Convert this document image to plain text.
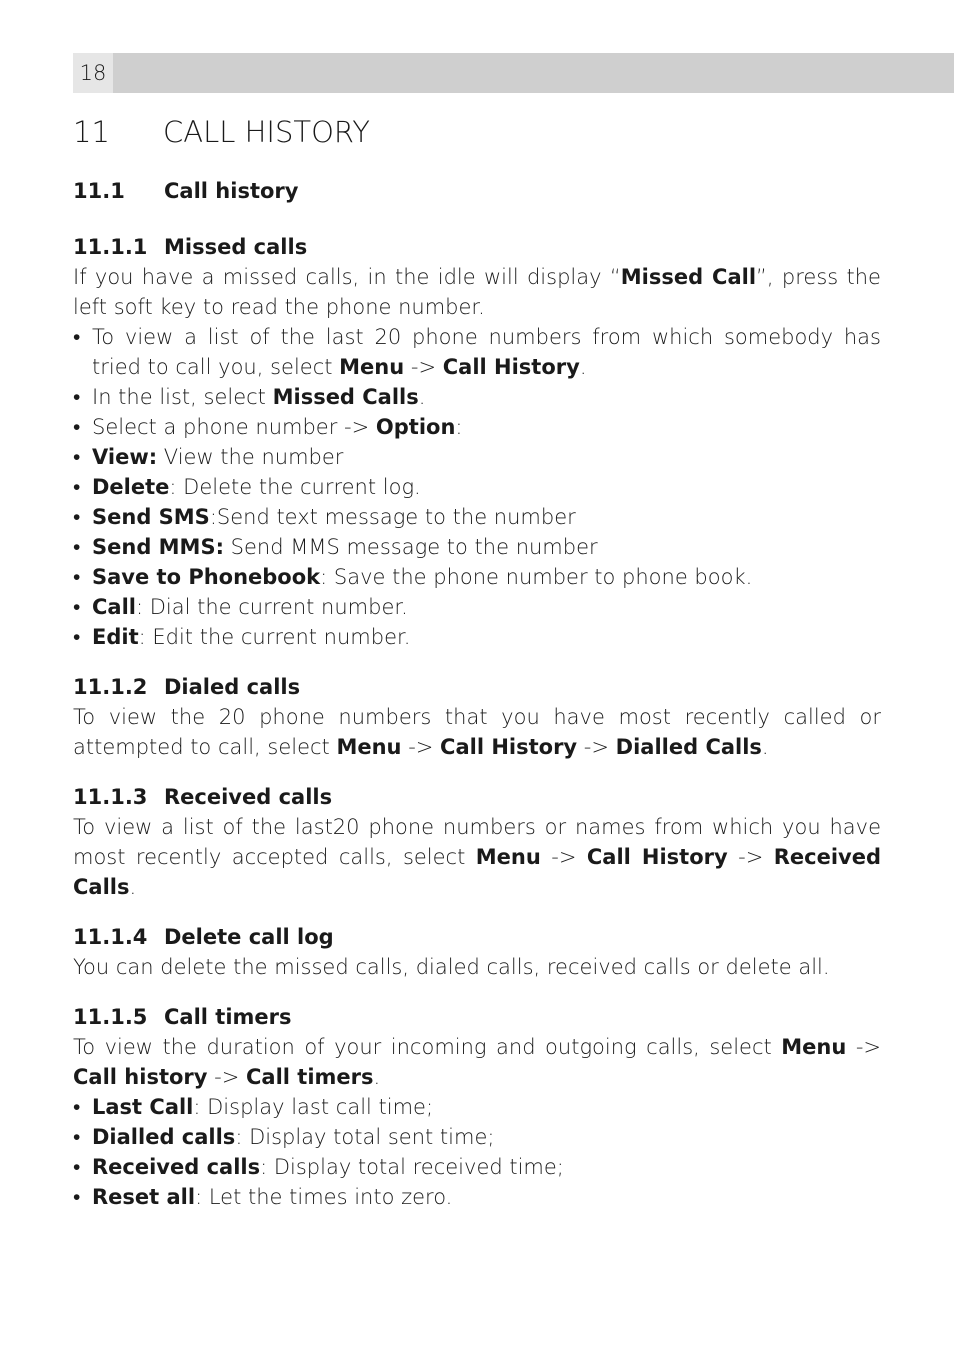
18
11	CALL HISTORY
11.1	Call history
11.1.1 Missed calls

If you have a missed calls, in the idle will display “Missed Call”, press the left soft key to read the phone number.

• To view a list of the last 20 phone numbers from which somebody has tried to call you, select Menu -> Call History.
• In the list, select Missed Calls.
• Select a phone number -> Option:
• View: View the number
• Delete: Delete the current log.
• Send SMS:Send text message to the number
• Send MMS: Send MMS message to the number
• Save to Phonebook: Save the phone number to phone book.
• Call: Dial the current number.
• Edit: Edit the current number.
11.1.2 Dialed calls

To view the 20 phone numbers that you have most recently called or attempted to call, select Menu -> Call History -> Dialled Calls.

11.1.3 Received calls

To view a list of the last20 phone numbers or names from which you have most recently accepted calls, select Menu -> Call History -> Received Calls.

11.1.4 Delete call log

You can delete the missed calls, dialed calls, received calls or delete all.

11.1.5 Call timers

To view the duration of your incoming and outgoing calls, select Menu -> Call history -> Call timers.

• Last Call: Display last call time;
• Dialled calls: Display total sent time;
• Received calls: Display total received time;
• Reset all: Let the times into zero.
